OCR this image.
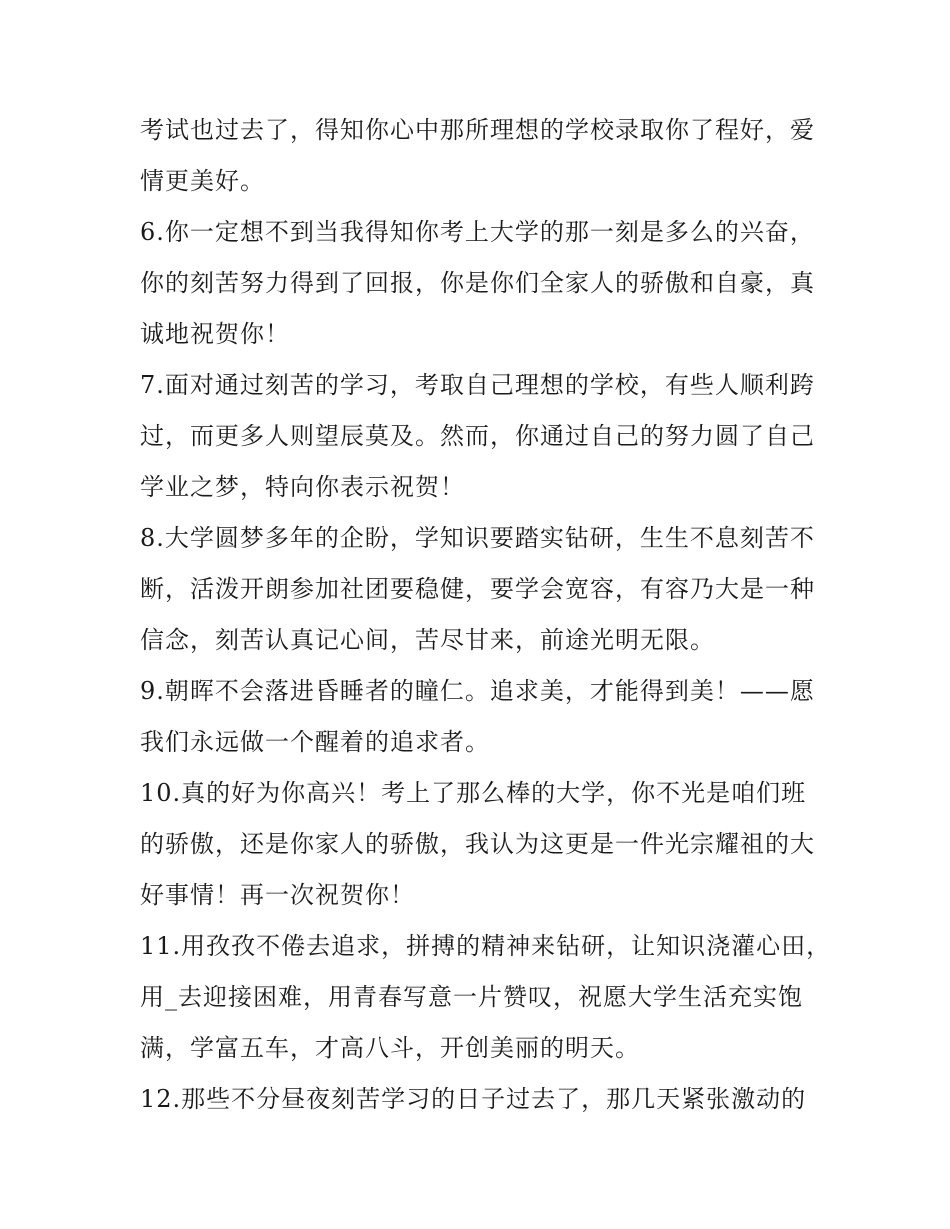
考试也过去了，得知你心中那所理想的学校录取你了程好，爱
情更美好。
6.你一定想不到当我得知你考上大学的那一刻是多么的兴奋，
你的刻苦努力得到了回报，你是你们全家人的骄傲和自豪，真
诚地祝贺你！
7.面对通过刻苦的学习，考取自己理想的学校，有些人顺利跨
过，而更多人则望辰莫及。然而，你通过自己的努力圆了自己
学业之梦，特向你表示祝贺！
8.大学圆梦多年的企盼，学知识要踏实钻研，生生不息刻苦不
断，活泼开朗参加社团要稳健，要学会宽容，有容乃大是一种
信念，刻苦认真记心间，苦尽甘来，前途光明无限。
9.朝晖不会落进昏睡者的瞳仁。追求美，才能得到美！——愿
我们永远做一个醒着的追求者。
10.真的好为你高兴！考上了那么棒的大学，你不光是咱们班
的骄傲，还是你家人的骄傲，我认为这更是一件光宗耀祖的大
好事情！再一次祝贺你！
11.用孜孜不倦去追求，拼搏的精神来钻研，让知识浇灌心田，
用_去迎接困难，用青春写意一片赞叹，祝愿大学生活充实饱
满，学富五车，才高八斗，开创美丽的明天。
12.那些不分昼夜刻苦学习的日子过去了，那几天紧张激动的
